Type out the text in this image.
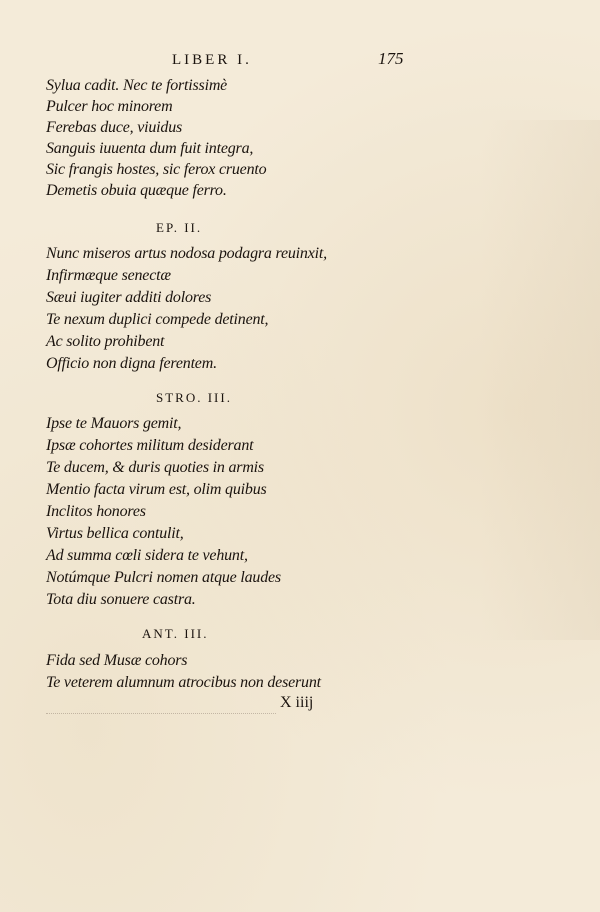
LIBER I.	175
Sylua cadit. Nec te fortissimè
Pulcer hoc minorem
Ferebas duce, viuidus
Sanguis iuuenta dum fuit integra,
Sic frangis hostes, sic ferox cruento
Demetis obuia quæque ferro.
EP. II.
Nunc miseros artus nodosa podagra reuinxit,
Infirmæque senectæ
Sæui iugiter additi dolores
Te nexum duplici compede detinent,
Ac solito prohibent
Officio non digna ferentem.
STRO. III.
Ipse te Mauors gemit,
Ipsæ cohortes militum desiderant
Te ducem, & duris quoties in armis
Mentio facta virum est, olim quibus
Inclitos honores
Virtus bellica contulit,
Ad summa cœli sidera te vehunt,
Notúmque Pulcri nomen atque laudes
Tota diu sonuere castra.
ANT. III.
Fida sed Musæ cohors
Te veterem alumnum atrocibus non deserunt
X iiij
